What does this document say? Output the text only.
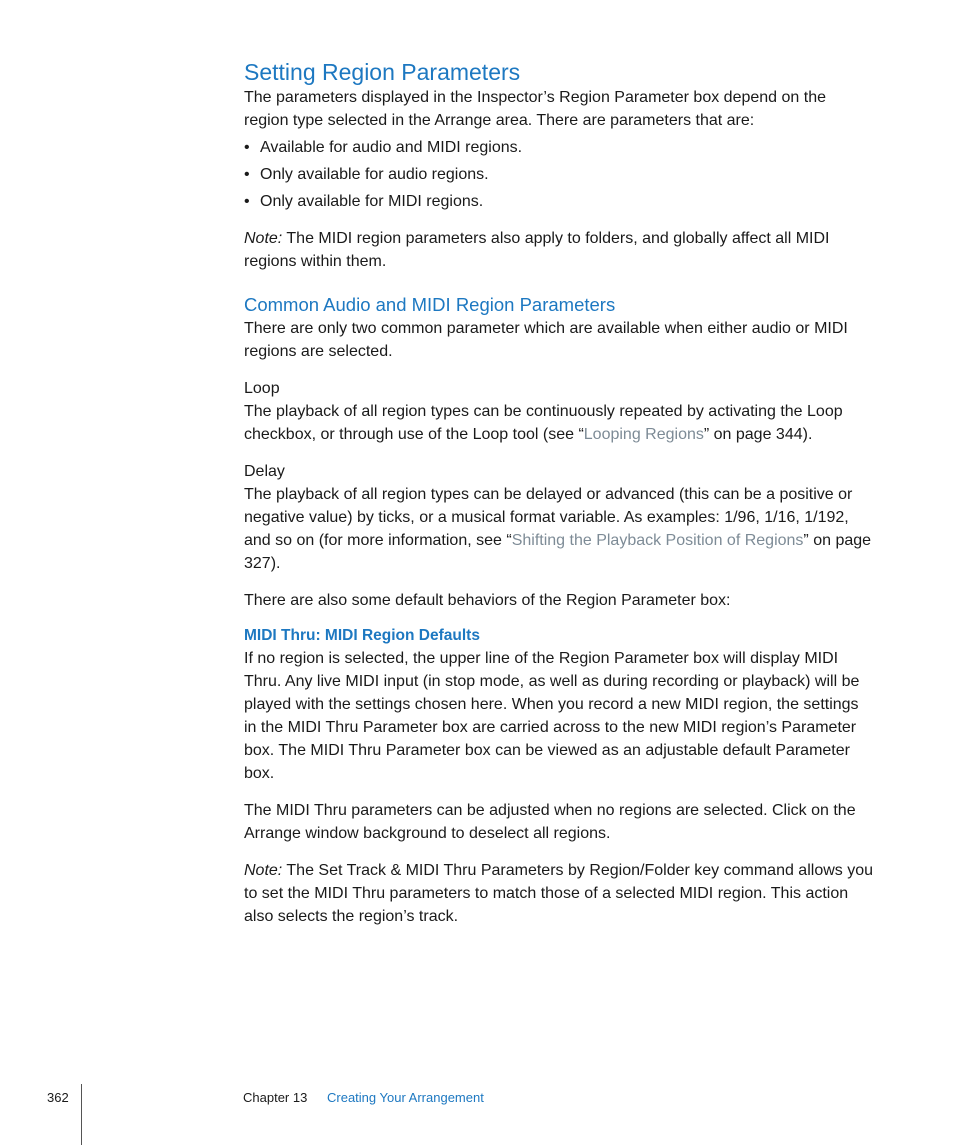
Setting Region Parameters

The parameters displayed in the Inspector’s Region Parameter box depend on the region type selected in the Arrange area. There are parameters that are:

• Available for audio and MIDI regions.
• Only available for audio regions.
• Only available for MIDI regions.

Note: The MIDI region parameters also apply to folders, and globally affect all MIDI regions within them.

Common Audio and MIDI Region Parameters

There are only two common parameter which are available when either audio or MIDI regions are selected.

Loop

The playback of all region types can be continuously repeated by activating the Loop checkbox, or through use of the Loop tool (see “Looping Regions” on page 344).

Delay

The playback of all region types can be delayed or advanced (this can be a positive or negative value) by ticks, or a musical format variable. As examples: 1/96, 1/16, 1/192, and so on (for more information, see “Shifting the Playback Position of Regions” on page 327).

There are also some default behaviors of the Region Parameter box:

MIDI Thru: MIDI Region Defaults

If no region is selected, the upper line of the Region Parameter box will display MIDI Thru. Any live MIDI input (in stop mode, as well as during recording or playback) will be played with the settings chosen here. When you record a new MIDI region, the settings in the MIDI Thru Parameter box are carried across to the new MIDI region’s Parameter box. The MIDI Thru Parameter box can be viewed as an adjustable default Parameter box.

The MIDI Thru parameters can be adjusted when no regions are selected. Click on the Arrange window background to deselect all regions.

Note: The Set Track & MIDI Thru Parameters by Region/Folder key command allows you to set the MIDI Thru parameters to match those of a selected MIDI region. This action also selects the region’s track.

362	Chapter 13 Creating Your Arrangement
